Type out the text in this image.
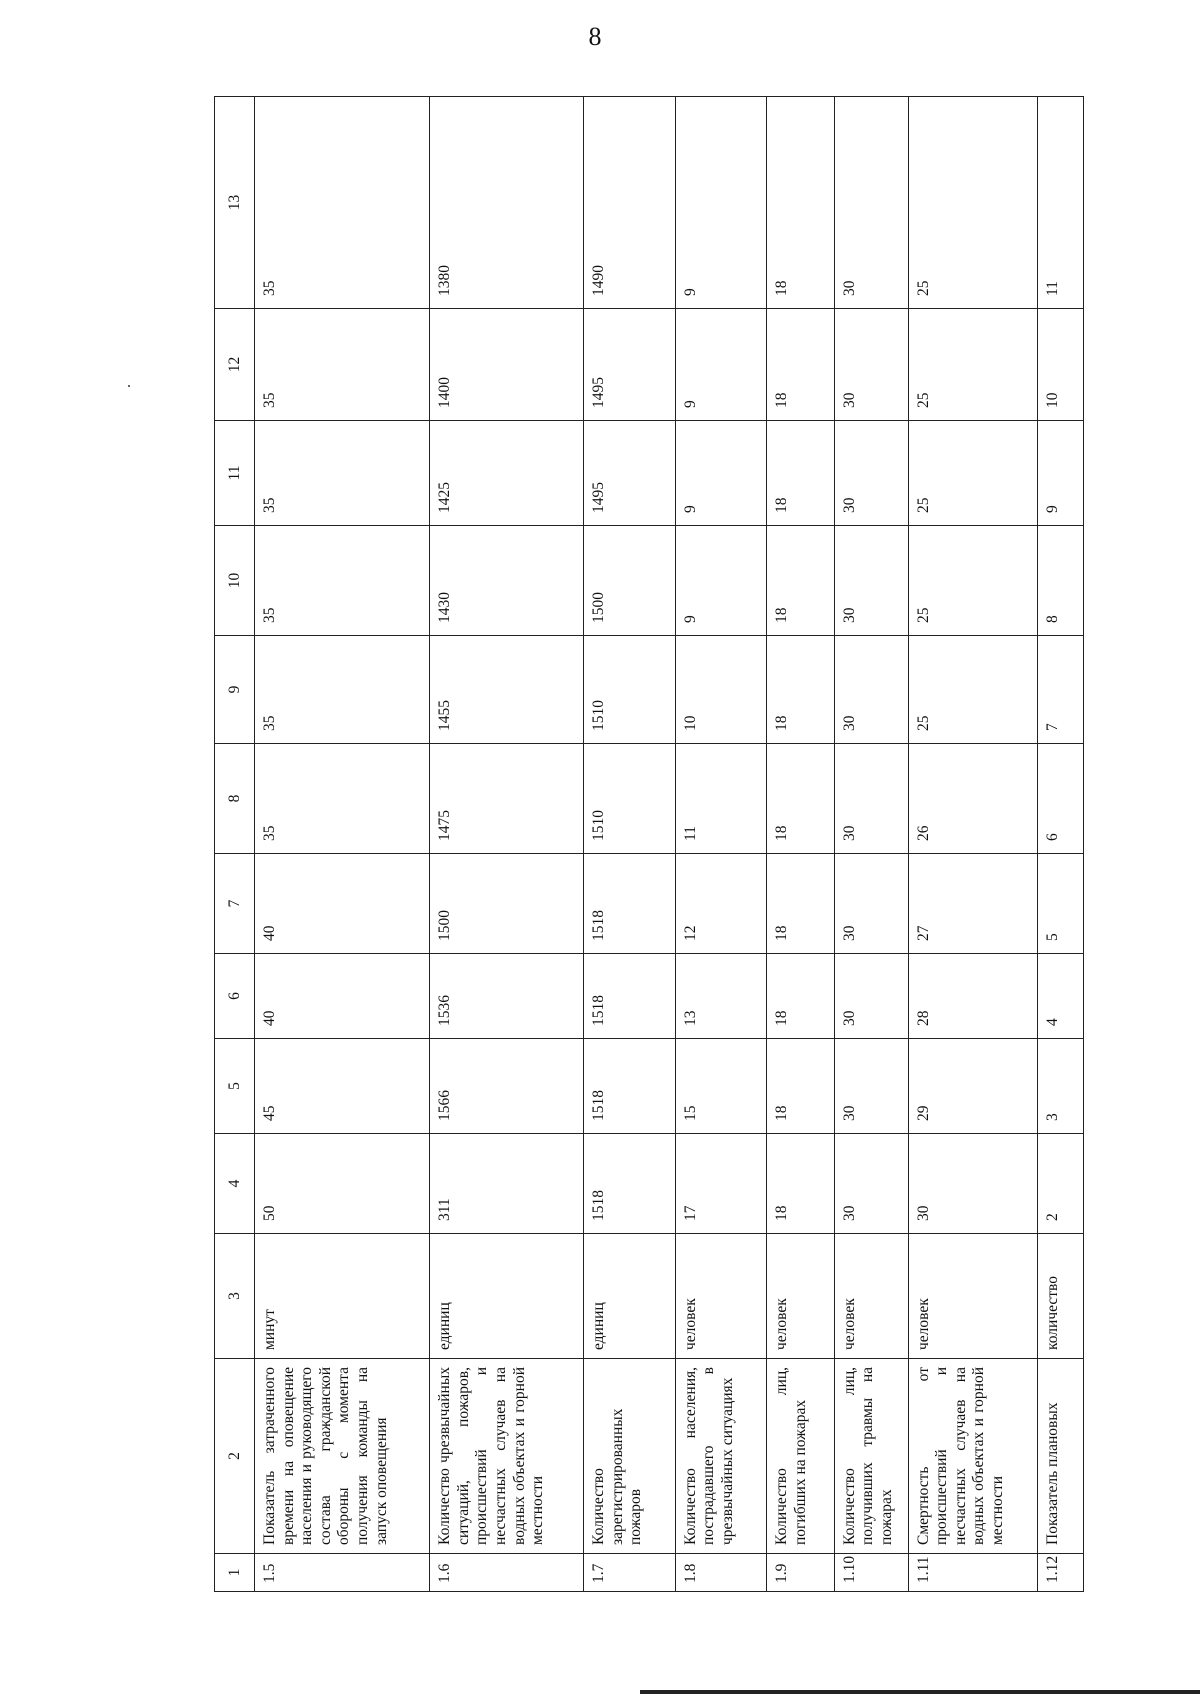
8
1	2	3	4	5	6	7	8	9	10	11	12	13
1.5	Показатель затраченного времени на оповещение населения и руководящего состава гражданской обороны с момента получения команды на запуск оповещения	минут	50	45	40	40	35	35	35	35	35	35
1.6	Количество чрезвычайных ситуаций, пожаров, происшествий и несчастных случаев на водных объектах и горной местности	единиц	311	1566	1536	1500	1475	1455	1430	1425	1400	1380
1.7	Количество зарегистрированных пожаров	единиц	1518	1518	1518	1518	1510	1510	1500	1495	1495	1490
1.8	Количество населения, пострадавшего в чрезвычайных ситуациях	человек	17	15	13	12	11	10	9	9	9	9
1.9	Количество лиц, погибших на пожарах	человек	18	18	18	18	18	18	18	18	18	18
1.10	Количество лиц, получивших травмы на пожарах	человек	30	30	30	30	30	30	30	30	30	30
1.11	Смертность от происшествий и несчастных случаев на водных объектах и горной местности	человек	30	29	28	27	26	25	25	25	25	25
1.12	Показатель плановых	количество	2	3	4	5	6	7	8	9	10	11
